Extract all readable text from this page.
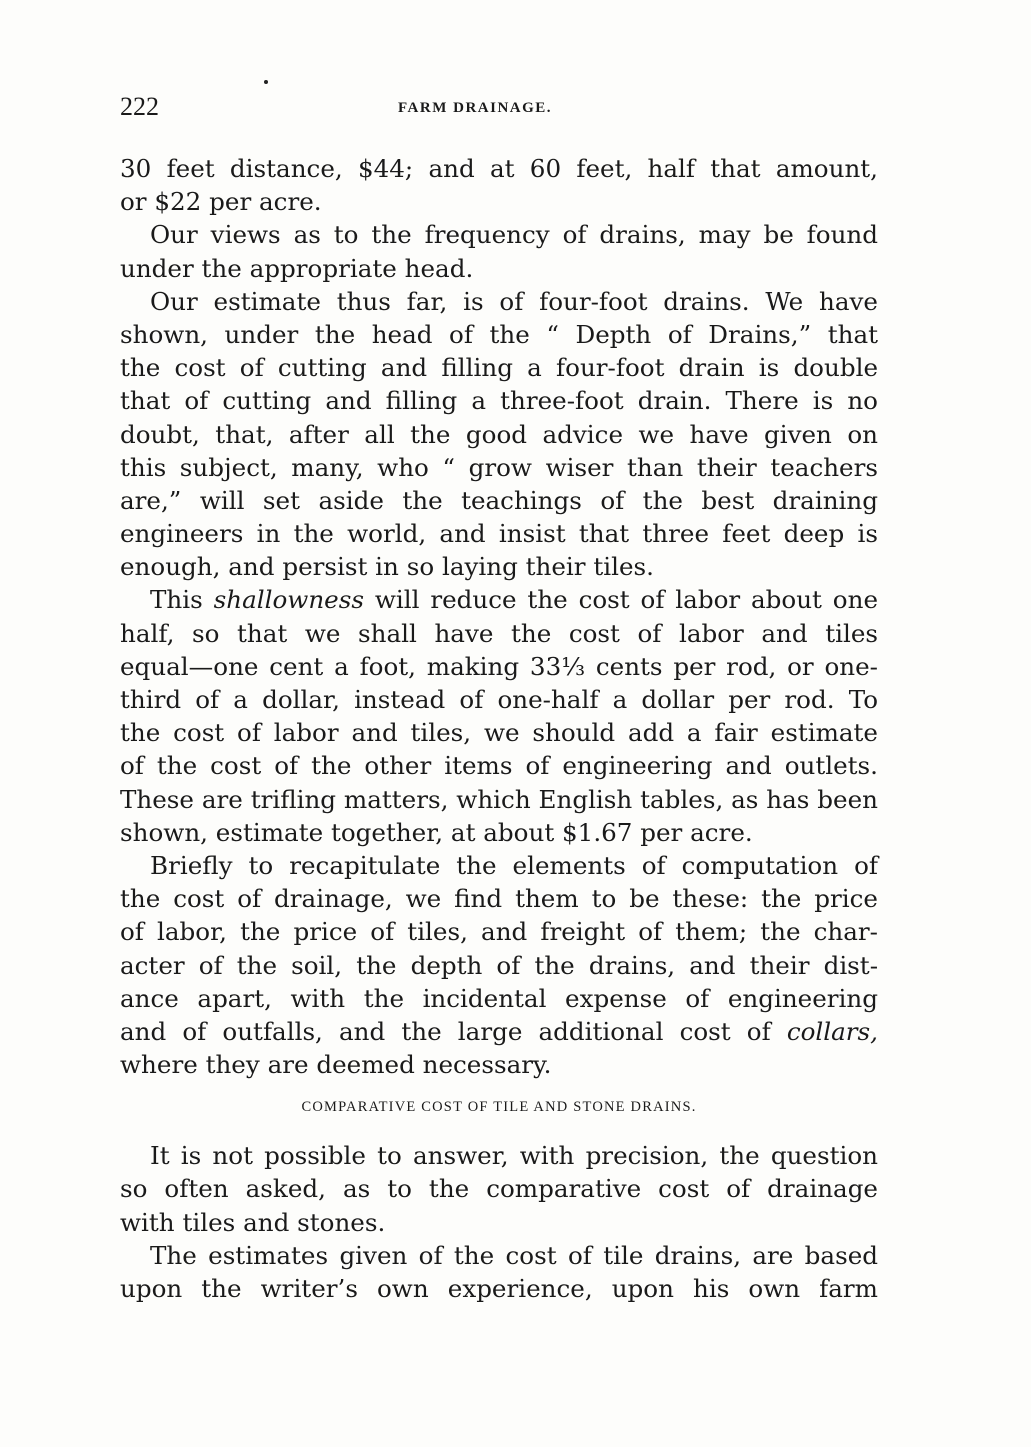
222	FARM DRAINAGE.
30 feet distance, $44; and at 60 feet, half that amount,
or $22 per acre.
Our views as to the frequency of drains, may be found
under the appropriate head.
Our estimate thus far, is of four-foot drains. We have
shown, under the head of the “ Depth of Drains,” that
the cost of cutting and filling a four-foot drain is double
that of cutting and filling a three-foot drain. There is no
doubt, that, after all the good advice we have given on
this subject, many, who “ grow wiser than their teachers
are,” will set aside the teachings of the best draining
engineers in the world, and insist that three feet deep is
enough, and persist in so laying their tiles.
This shallowness will reduce the cost of labor about one
half, so that we shall have the cost of labor and tiles
equal—one cent a foot, making 33⅓ cents per rod, or one-
third of a dollar, instead of one-half a dollar per rod. To
the cost of labor and tiles, we should add a fair estimate
of the cost of the other items of engineering and outlets.
These are trifling matters, which English tables, as has been
shown, estimate together, at about $1.67 per acre.
Briefly to recapitulate the elements of computation of
the cost of drainage, we find them to be these: the price
of labor, the price of tiles, and freight of them; the char-
acter of the soil, the depth of the drains, and their dist-
ance apart, with the incidental expense of engineering
and of outfalls, and the large additional cost of collars,
where they are deemed necessary.
COMPARATIVE COST OF TILE AND STONE DRAINS.
It is not possible to answer, with precision, the question
so often asked, as to the comparative cost of drainage
with tiles and stones.
The estimates given of the cost of tile drains, are based
upon the writer’s own experience, upon his own farm
